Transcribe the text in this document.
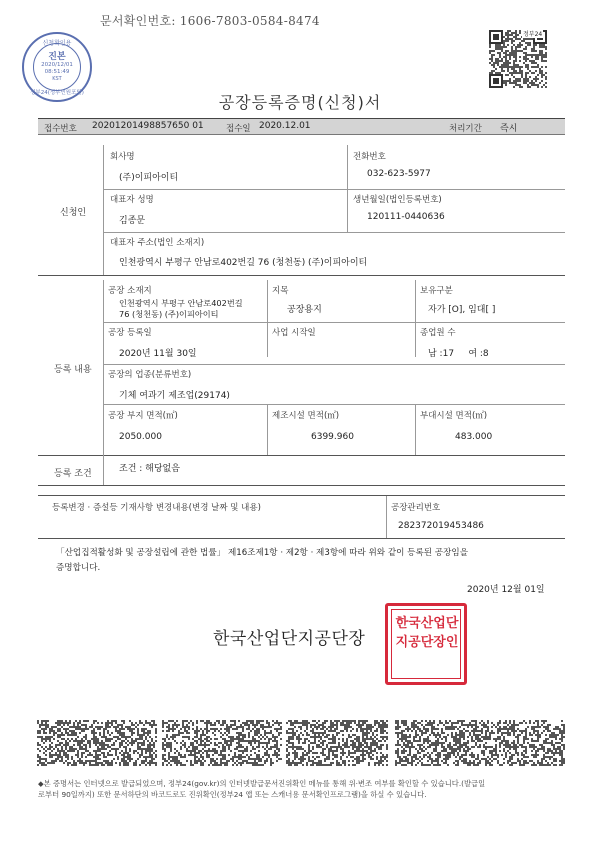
문서확인번호: 1606-7803-0584-8474
신청확인용
진본
2020/12/01
08:51:49
KST
정부24(정부민원포털)
정부24
공장등록증명(신청)서
접수번호 20201201498857650 01	접수일 2020.12.01	처리기간 즉시
신청인
회사명
(주)이피아이티
전화번호
032-623-5977
대표자 성명
김종문
생년월일(법인등록번호)
120111-0440636
대표자 주소(법인 소재지)
인천광역시 부평구 안남로402번길 76 (청천동) (주)이피아이티
등록 내용
공장 소재지
인천광역시 부평구 안남로402번길
76 (청천동) (주)이피아이티
지목
공장용지
보유구분
자가 [O], 임대[ ]
공장 등록일
2020년 11월 30일
사업 시작일	종업원 수
남 :17     여 :8
공장의 업종(분류번호)
기체 여과기 제조업(29174)
공장 부지 면적(㎡)
2050.000
제조시설 면적(㎡)
6399.960
부대시설 면적(㎡)
483.000
등록 조건	조건 : 해당없음
등록변경 · 증설등 기재사항 변경내용(변경 날짜 및 내용)	공장관리번호
282372019453486
「산업집적활성화 및 공장설립에 관한 법률」 제16조제1항 · 제2항 · 제3항에 따라 위와 같이 등록된 공장임을
증명합니다.
2020년 12월 01일
한국산업단지공단장
한국산업단지공단장인
◆본 증명서는 인터넷으로 발급되었으며, 정부24(gov.kr)의 인터넷발급문서진위확인 메뉴를 통해 위·변조 여부를 확인할 수 있습니다.(발급일
로부터 90일까지) 또한 문서하단의 바코드로도 진위확인(정부24 앱 또는 스캐너용 문서확인프로그램)을 하실 수 있습니다.
